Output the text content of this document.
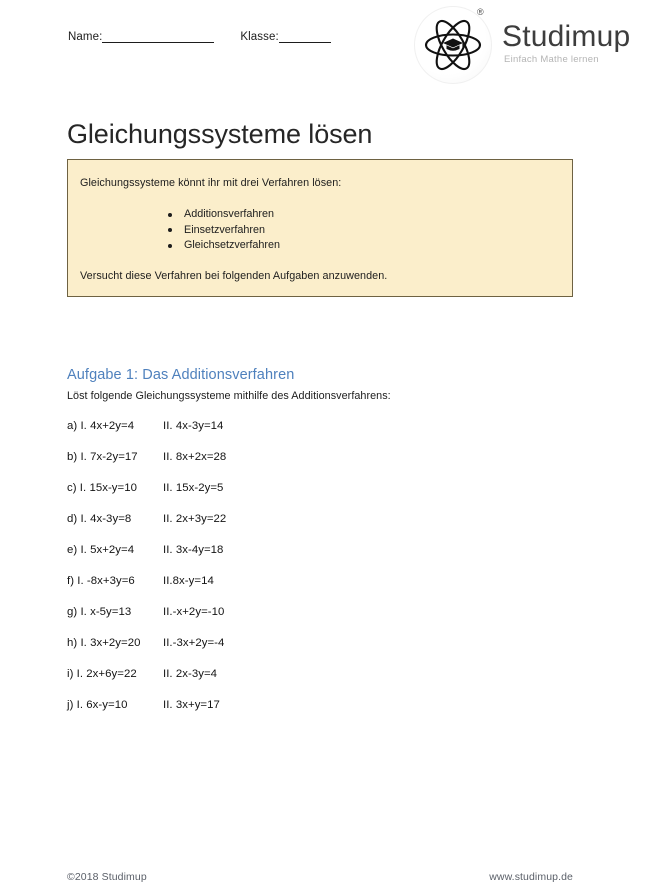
Name:	Klasse:
®
Studimup
Einfach Mathe lernen
Gleichungssysteme lösen
Gleichungssysteme könnt ihr mit drei Verfahren lösen:
Additionsverfahren
Einsetzverfahren
Gleichsetzverfahren
Versucht diese Verfahren bei folgenden Aufgaben anzuwenden.
Aufgabe 1: Das Additionsverfahren
Löst folgende Gleichungssysteme mithilfe des Additionsverfahrens:
a) I. 4x+2y=4	II. 4x-3y=14
b) I. 7x-2y=17	II. 8x+2x=28
c) I. 15x-y=10	II. 15x-2y=5
d) I. 4x-3y=8	II. 2x+3y=22
e) I. 5x+2y=4	II. 3x-4y=18
f) I. -8x+3y=6	II.8x-y=14
g) I. x-5y=13	II.-x+2y=-10
h) I. 3x+2y=20	II.-3x+2y=-4
i) I. 2x+6y=22	II. 2x-3y=4
j) I. 6x-y=10	II. 3x+y=17
©2018 Studimup	www.studimup.de
